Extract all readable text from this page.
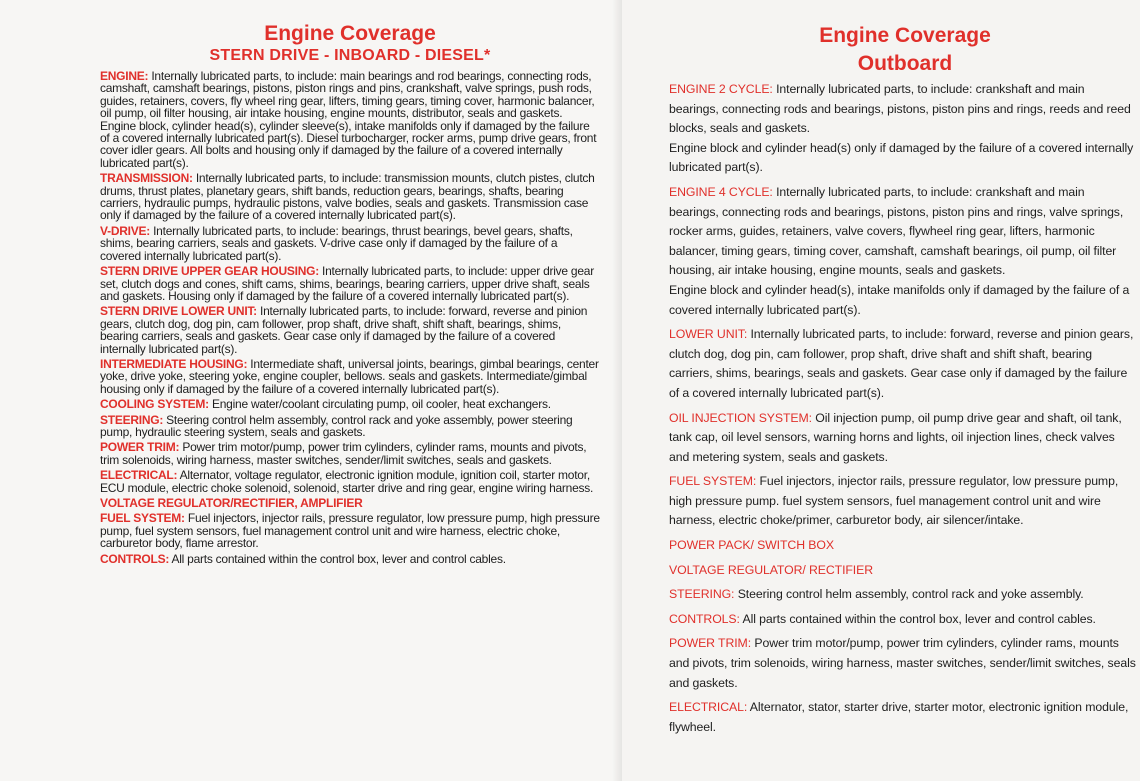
Engine Coverage
STERN DRIVE - INBOARD - DIESEL*

ENGINE: Internally lubricated parts, to include: main bearings and rod bearings, connecting rods, camshaft, camshaft bearings, pistons, piston rings and pins, crankshaft, valve springs, push rods, guides, retainers, covers, fly wheel ring gear, lifters, timing gears, timing cover, harmonic balancer, oil pump, oil filter housing, air intake housing, engine mounts, distributor, seals and gaskets. Engine block, cylinder head(s), cylinder sleeve(s), intake manifolds only if damaged by the failure of a covered internally lubricated part(s). Diesel turbocharger, rocker arms, pump drive gears, front cover idler gears. All bolts and housing only if damaged by the failure of a covered internally lubricated part(s).

TRANSMISSION: Internally lubricated parts, to include: transmission mounts, clutch pistes, clutch drums, thrust plates, planetary gears, shift bands, reduction gears, bearings, shafts, bearing carriers, hydraulic pumps, hydraulic pistons, valve bodies, seals and gaskets. Transmission case only if damaged by the failure of a covered internally lubricated part(s).

V-DRIVE: Internally lubricated parts, to include: bearings, thrust bearings, bevel gears, shafts, shims, bearing carriers, seals and gaskets. V-drive case only if damaged by the failure of a covered internally lubricated part(s).

STERN DRIVE UPPER GEAR HOUSING: Internally lubricated parts, to include: upper drive gear set, clutch dogs and cones, shift cams, shims, bearings, bearing carriers, upper drive shaft, seals and gaskets. Housing only if damaged by the failure of a covered internally lubricated part(s).

STERN DRIVE LOWER UNIT: Internally lubricated parts, to include: forward, reverse and pinion gears, clutch dog, dog pin, cam follower, prop shaft, drive shaft, shift shaft, bearings, shims, bearing carriers, seals and gaskets. Gear case only if damaged by the failure of a covered internally lubricated part(s).

INTERMEDIATE HOUSING: Intermediate shaft, universal joints, bearings, gimbal bearings, center yoke, drive yoke, steering yoke, engine coupler, bellows. seals and gaskets. Intermediate/gimbal housing only if damaged by the failure of a covered internally lubricated part(s).

COOLING SYSTEM: Engine water/coolant circulating pump, oil cooler, heat exchangers.

STEERING: Steering control helm assembly, control rack and yoke assembly, power steering pump, hydraulic steering system, seals and gaskets.

POWER TRIM: Power trim motor/pump, power trim cylinders, cylinder rams, mounts and pivots, trim solenoids, wiring harness, master switches, sender/limit switches, seals and gaskets.

ELECTRICAL: Alternator, voltage regulator, electronic ignition module, ignition coil, starter motor, ECU module, electric choke solenoid, solenoid, starter drive and ring gear, engine wiring harness.

VOLTAGE REGULATOR/RECTIFIER, AMPLIFIER

FUEL SYSTEM: Fuel injectors, injector rails, pressure regulator, low pressure pump, high pressure pump, fuel system sensors, fuel management control unit and wire harness, electric choke, carburetor body, flame arrestor.

CONTROLS: All parts contained within the control box, lever and control cables.

Engine Coverage
Outboard
ENGINE 2 CYCLE: Internally lubricated parts, to include: crankshaft and main bearings, connecting rods and bearings, pistons, piston pins and rings, reeds and reed blocks, seals and gaskets.
Engine block and cylinder head(s) only if damaged by the failure of a covered internally lubricated part(s).
ENGINE 4 CYCLE: Internally lubricated parts, to include: crankshaft and main bearings, connecting rods and bearings, pistons, piston pins and rings, valve springs, rocker arms, guides, retainers, valve covers, flywheel ring gear, lifters, harmonic balancer, timing gears, timing cover, camshaft, camshaft bearings, oil pump, oil filter housing, air intake housing, engine mounts, seals and gaskets.
Engine block and cylinder head(s), intake manifolds only if damaged by the failure of a covered internally lubricated part(s).
LOWER UNIT: Internally lubricated parts, to include: forward, reverse and pinion gears, clutch dog, dog pin, cam follower, prop shaft, drive shaft and shift shaft, bearing carriers, shims, bearings, seals and gaskets. Gear case only if damaged by the failure of a covered internally lubricated part(s).
OIL INJECTION SYSTEM: Oil injection pump, oil pump drive gear and shaft, oil tank, tank cap, oil level sensors, warning horns and lights, oil injection lines, check valves and metering system, seals and gaskets.
FUEL SYSTEM: Fuel injectors, injector rails, pressure regulator, low pressure pump, high pressure pump. fuel system sensors, fuel management control unit and wire harness, electric choke/primer, carburetor body, air silencer/intake.
POWER PACK/ SWITCH BOX
VOLTAGE REGULATOR/ RECTIFIER
STEERING: Steering control helm assembly, control rack and yoke assembly.
CONTROLS: All parts contained within the control box, lever and control cables.
POWER TRIM: Power trim motor/pump, power trim cylinders, cylinder rams, mounts and pivots, trim solenoids, wiring harness, master switches, sender/limit switches, seals and gaskets.
ELECTRICAL: Alternator, stator, starter drive, starter motor, electronic ignition module, flywheel.
